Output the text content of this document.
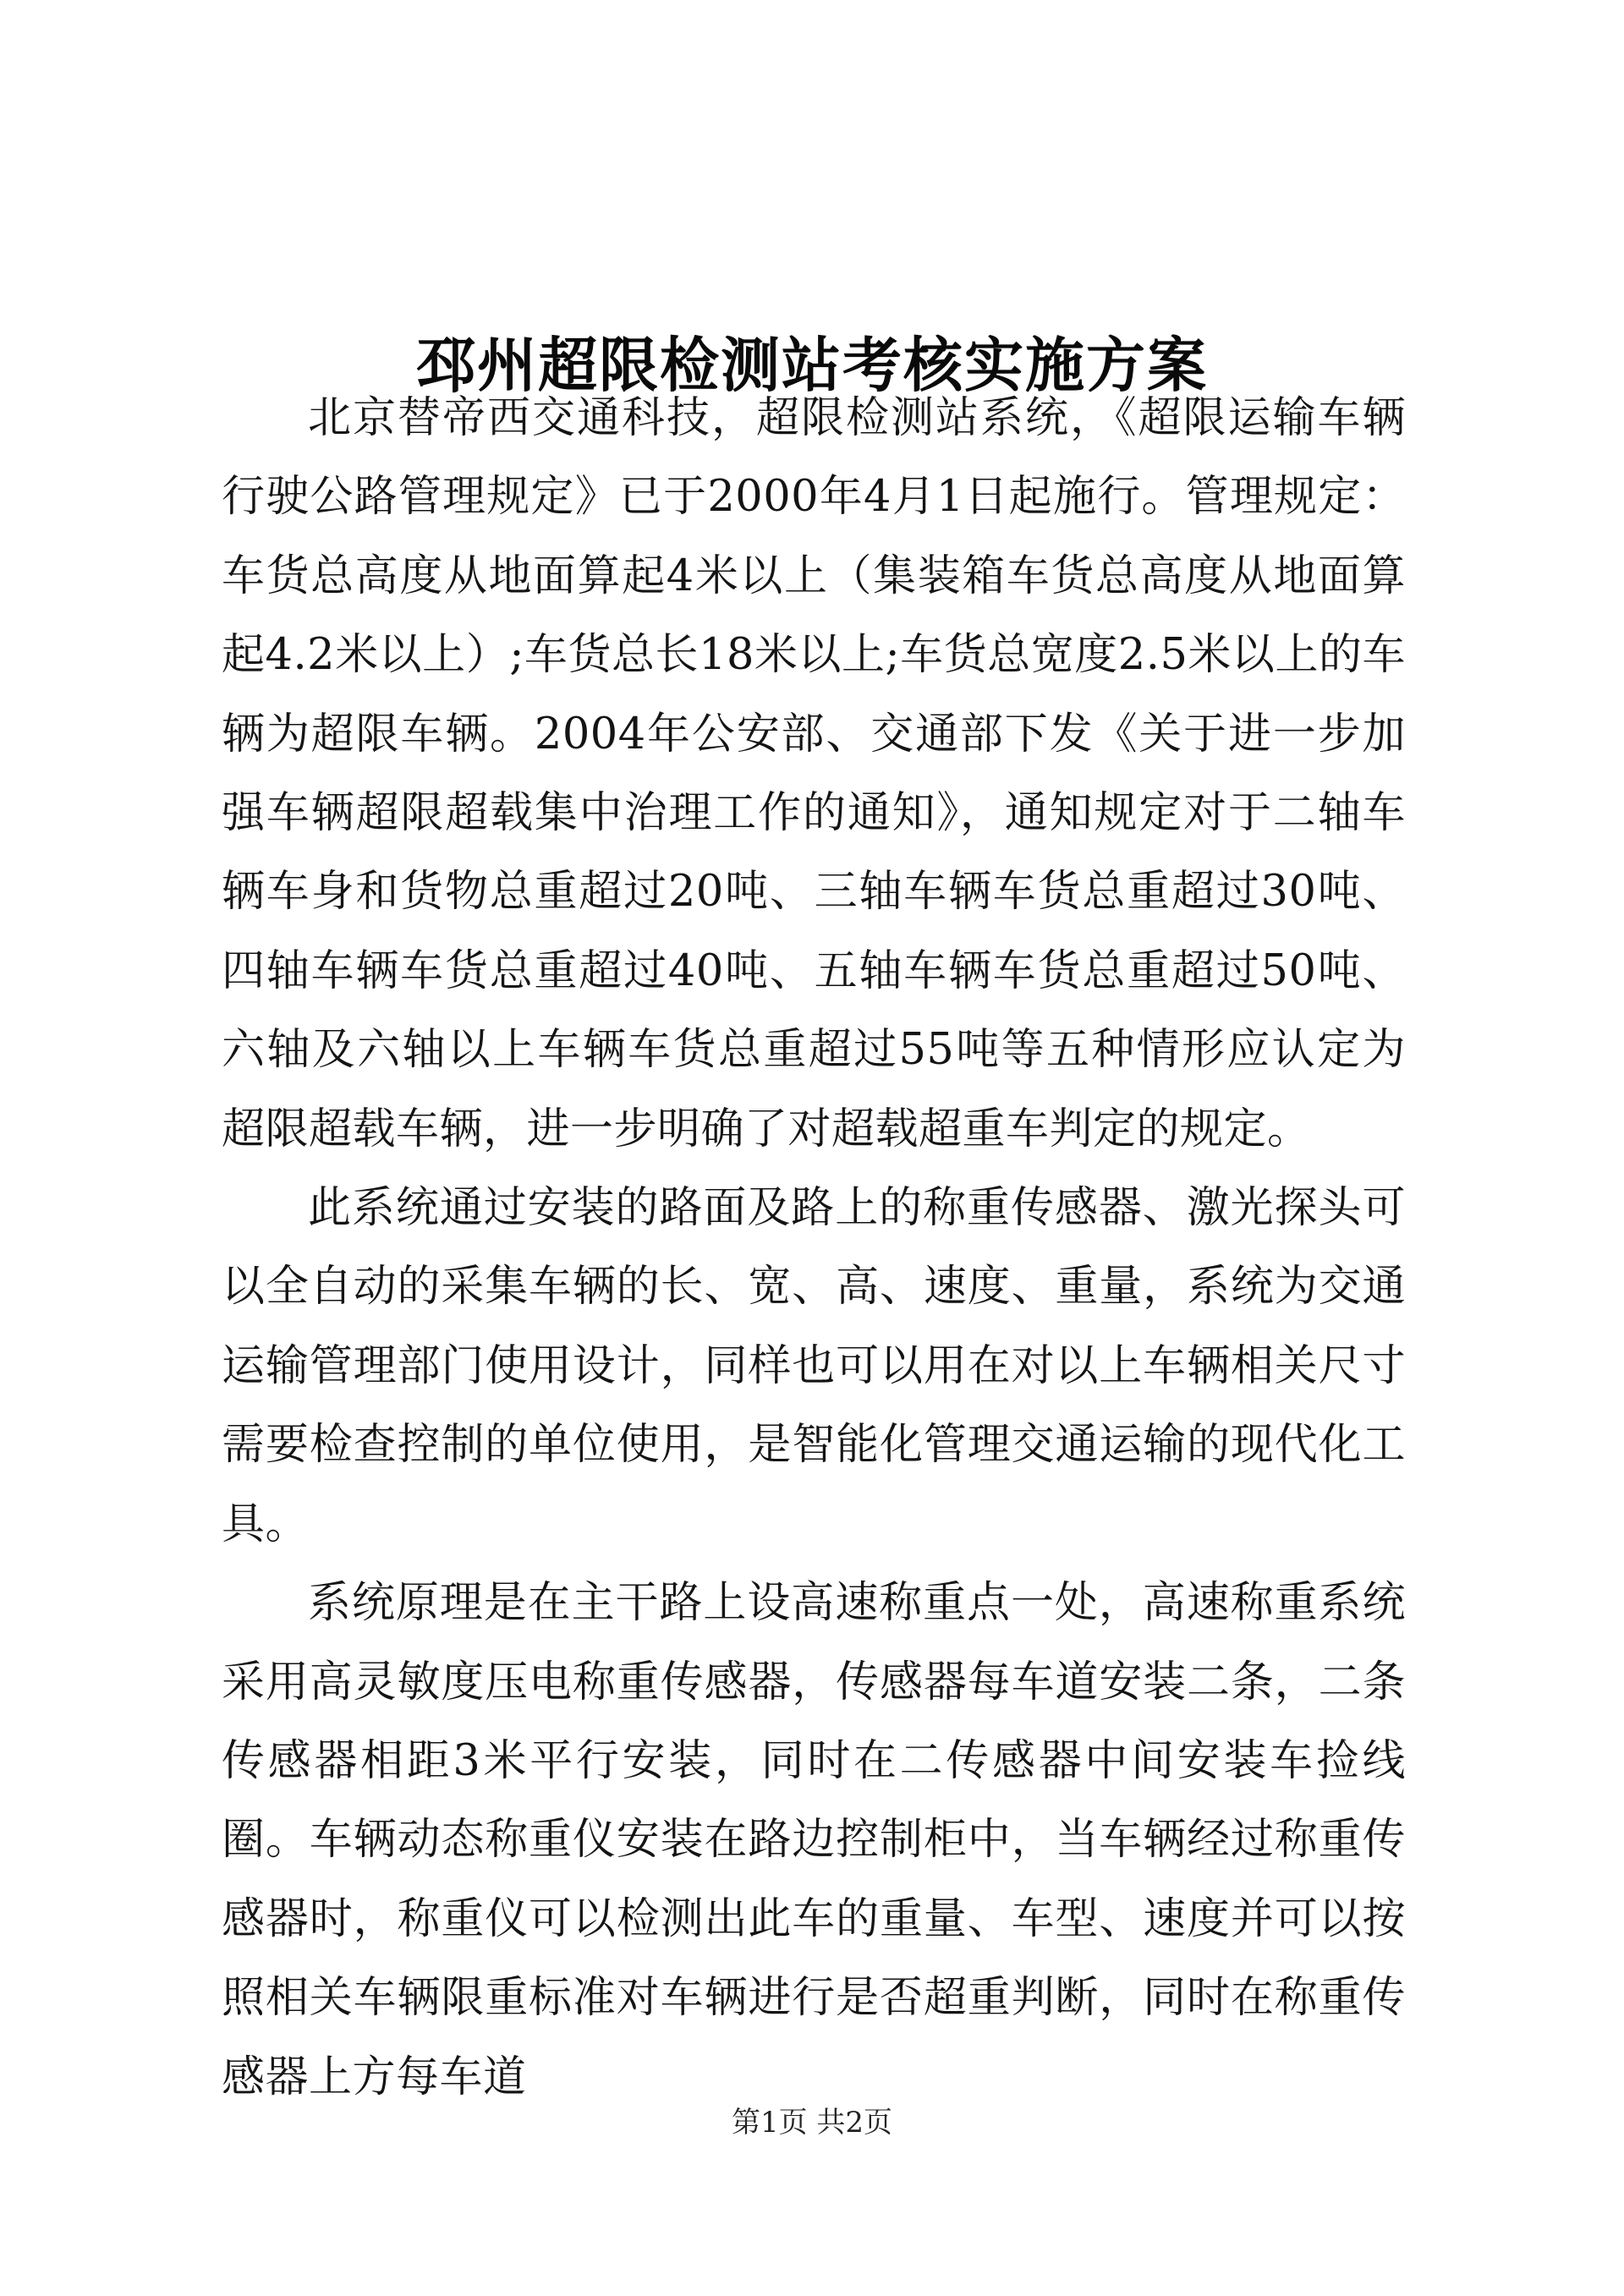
邳州超限检测站考核实施方案

北京替帝西交通科技，超限检测站系统，《超限运输车辆行驶公路管理规定》已于2000年4月1日起施行。管理规定：车货总高度从地面算起4米以上（集装箱车货总高度从地面算起4.2米以上）;车货总长18米以上;车货总宽度2.5米以上的车辆为超限车辆。2004年公安部、交通部下发《关于进一步加强车辆超限超载集中治理工作的通知》，通知规定对于二轴车辆车身和货物总重超过20吨、三轴车辆车货总重超过30吨、四轴车辆车货总重超过40吨、五轴车辆车货总重超过50吨、六轴及六轴以上车辆车货总重超过55吨等五种情形应认定为超限超载车辆，进一步明确了对超载超重车判定的规定。

此系统通过安装的路面及路上的称重传感器、激光探头可以全自动的采集车辆的长、宽、高、速度、重量，系统为交通运输管理部门使用设计，同样也可以用在对以上车辆相关尺寸需要检查控制的单位使用，是智能化管理交通运输的现代化工具。

系统原理是在主干路上设高速称重点一处，高速称重系统采用高灵敏度压电称重传感器，传感器每车道安装二条，二条传感器相距3米平行安装，同时在二传感器中间安装车捡线圈。车辆动态称重仪安装在路边控制柜中，当车辆经过称重传感器时，称重仪可以检测出此车的重量、车型、速度并可以按照相关车辆限重标准对车辆进行是否超重判断，同时在称重传感器上方每车道

第1页 共2页
